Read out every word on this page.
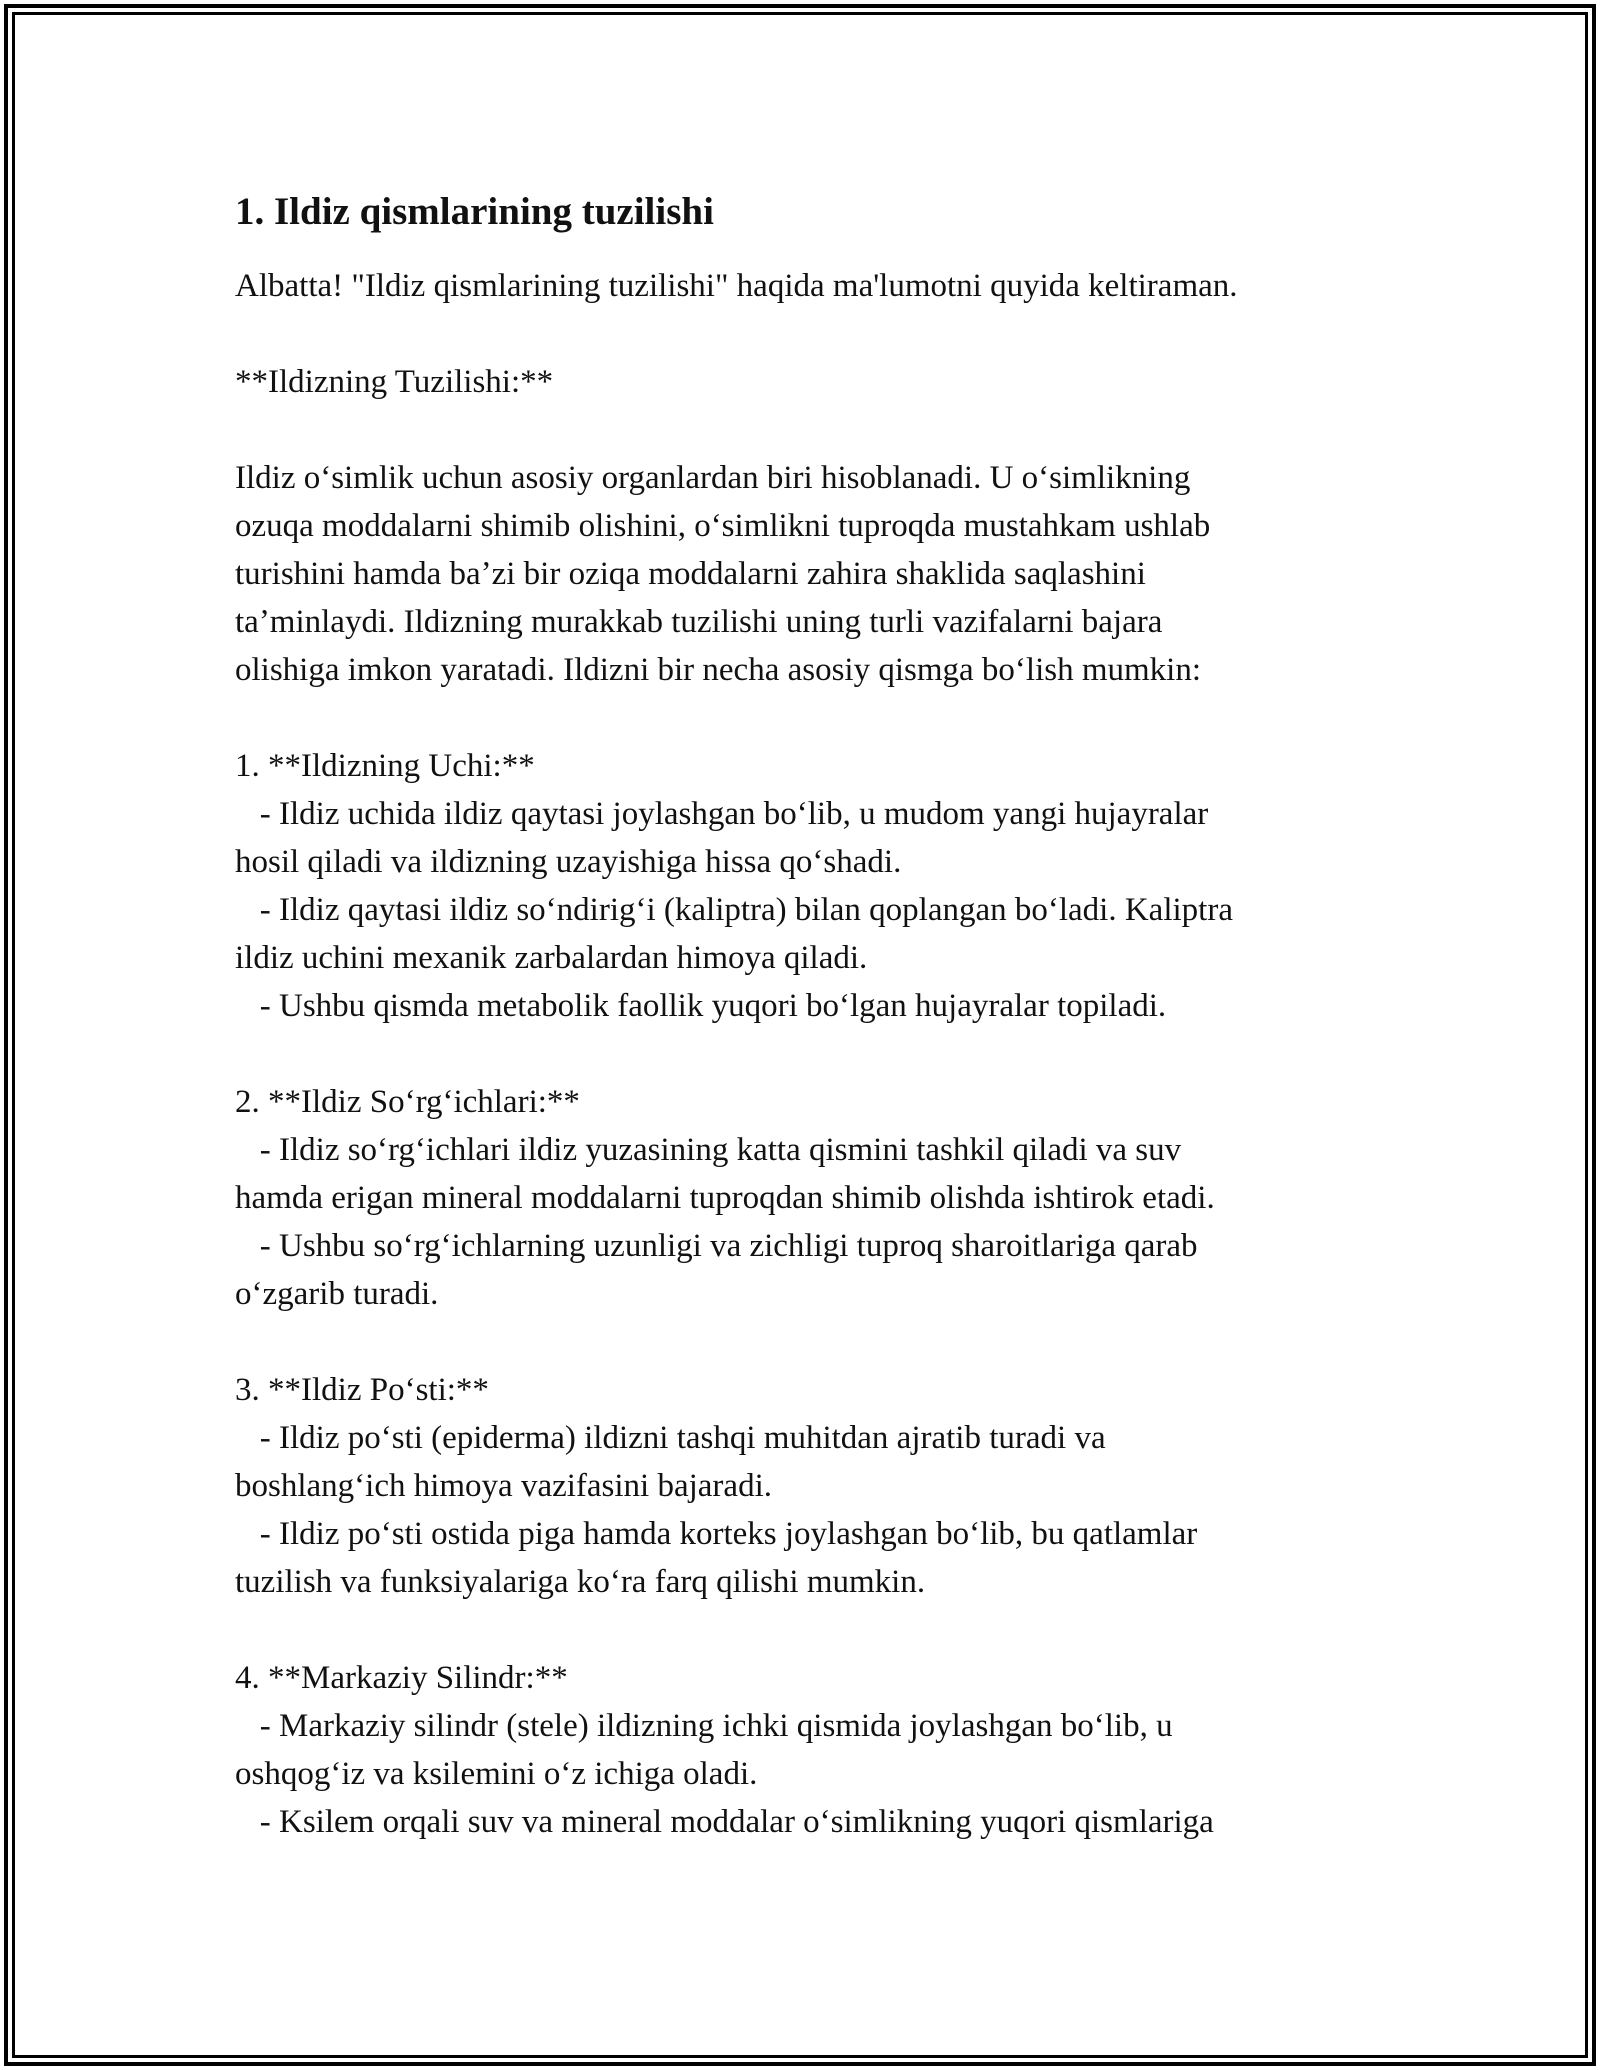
1. Ildiz qismlarining tuzilishi
Albatta! "Ildiz qismlarining tuzilishi" haqida ma'lumotni quyida keltiraman.
**Ildizning Tuzilishi:**
Ildiz oʻsimlik uchun asosiy organlardan biri hisoblanadi. U oʻsimlikning
ozuqa moddalarni shimib olishini, oʻsimlikni tuproqda mustahkam ushlab
turishini hamda baʼzi bir oziqa moddalarni zahira shaklida saqlashini
taʼminlaydi. Ildizning murakkab tuzilishi uning turli vazifalarni bajara
olishiga imkon yaratadi. Ildizni bir necha asosiy qismga boʻlish mumkin:
1. **Ildizning Uchi:**
- Ildiz uchida ildiz qaytasi joylashgan boʻlib, u mudom yangi hujayralar
hosil qiladi va ildizning uzayishiga hissa qoʻshadi.
- Ildiz qaytasi ildiz soʻndirigʻi (kaliptra) bilan qoplangan boʻladi. Kaliptra
ildiz uchini mexanik zarbalardan himoya qiladi.
- Ushbu qismda metabolik faollik yuqori boʻlgan hujayralar topiladi.
2. **Ildiz Soʻrgʻichlari:**
- Ildiz soʻrgʻichlari ildiz yuzasining katta qismini tashkil qiladi va suv
hamda erigan mineral moddalarni tuproqdan shimib olishda ishtirok etadi.
- Ushbu soʻrgʻichlarning uzunligi va zichligi tuproq sharoitlariga qarab
oʻzgarib turadi.
3. **Ildiz Poʻsti:**
- Ildiz poʻsti (epiderma) ildizni tashqi muhitdan ajratib turadi va
boshlangʻich himoya vazifasini bajaradi.
- Ildiz poʻsti ostida piga hamda korteks joylashgan boʻlib, bu qatlamlar
tuzilish va funksiyalariga koʻra farq qilishi mumkin.
4. **Markaziy Silindr:**
- Markaziy silindr (stele) ildizning ichki qismida joylashgan boʻlib, u
oshqogʻiz va ksilemini oʻz ichiga oladi.
- Ksilem orqali suv va mineral moddalar oʻsimlikning yuqori qismlariga
